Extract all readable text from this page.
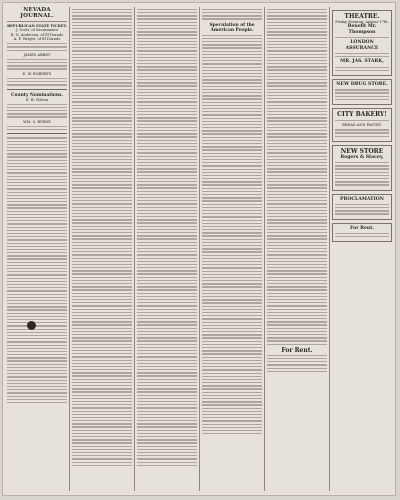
NEVADA JOURNAL.
REPUBLICAN STATE TICKET.
J. Scott, of Sacramento
R. N. Anderson, of El Dorado
A. F. Wright, of El Dorado
JAMES ABBEY
E. W. ROBERTS
County Nominations.
E. B. Wilcox
WM. S. BYRNE
Speculation of the American People.
For Rent.
THEATRE.
Friday Evening, August 17th,
Benefit Mr. Thompson
LONDON ASSURANCE
MR. JAS. STARK,
NEW DRUG STORE.
CITY BAKERY!
BREAD AND PASTRY.
NEW STORE
Rogers & Stacey,
PROCLAMATION
For Rent.
